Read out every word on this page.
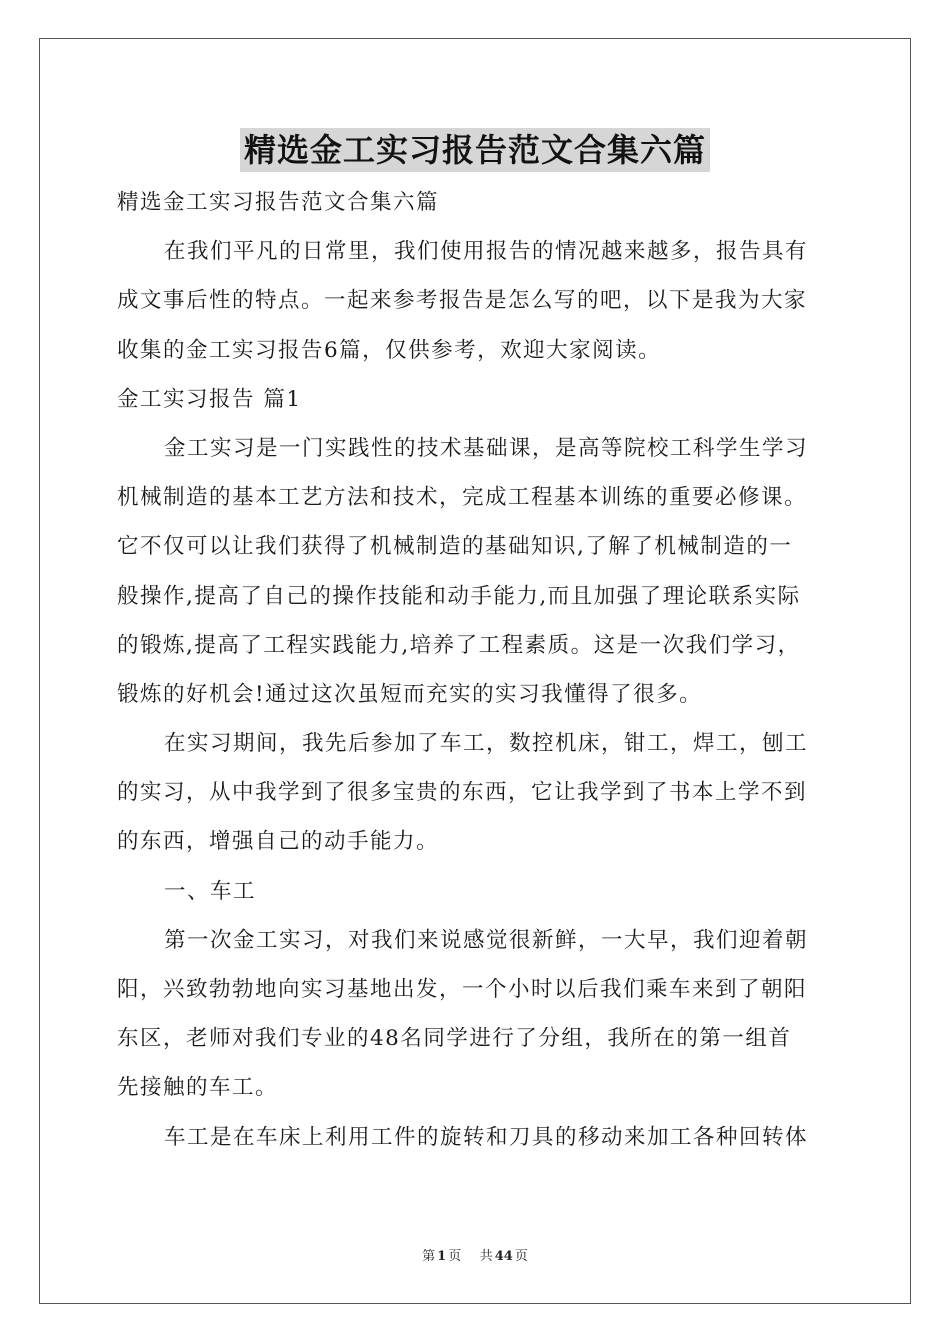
精选金工实习报告范文合集六篇
精选金工实习报告范文合集六篇
在我们平凡的日常里，我们使用报告的情况越来越多，报告具有
成文事后性的特点。一起来参考报告是怎么写的吧，以下是我为大家
收集的金工实习报告6篇，仅供参考，欢迎大家阅读。
金工实习报告 篇1
金工实习是一门实践性的技术基础课，是高等院校工科学生学习
机械制造的基本工艺方法和技术，完成工程基本训练的重要必修课。
它不仅可以让我们获得了机械制造的基础知识,了解了机械制造的一
般操作,提高了自己的操作技能和动手能力,而且加强了理论联系实际
的锻炼,提高了工程实践能力,培养了工程素质。这是一次我们学习，
锻炼的好机会!通过这次虽短而充实的实习我懂得了很多。
在实习期间，我先后参加了车工，数控机床，钳工，焊工，刨工
的实习，从中我学到了很多宝贵的东西，它让我学到了书本上学不到
的东西，增强自己的动手能力。
一、车工
第一次金工实习，对我们来说感觉很新鲜，一大早，我们迎着朝
阳，兴致勃勃地向实习基地出发，一个小时以后我们乘车来到了朝阳
东区，老师对我们专业的48名同学进行了分组，我所在的第一组首
先接触的车工。
车工是在车床上利用工件的旋转和刀具的移动来加工各种回转体
第 1 页 共 44 页
